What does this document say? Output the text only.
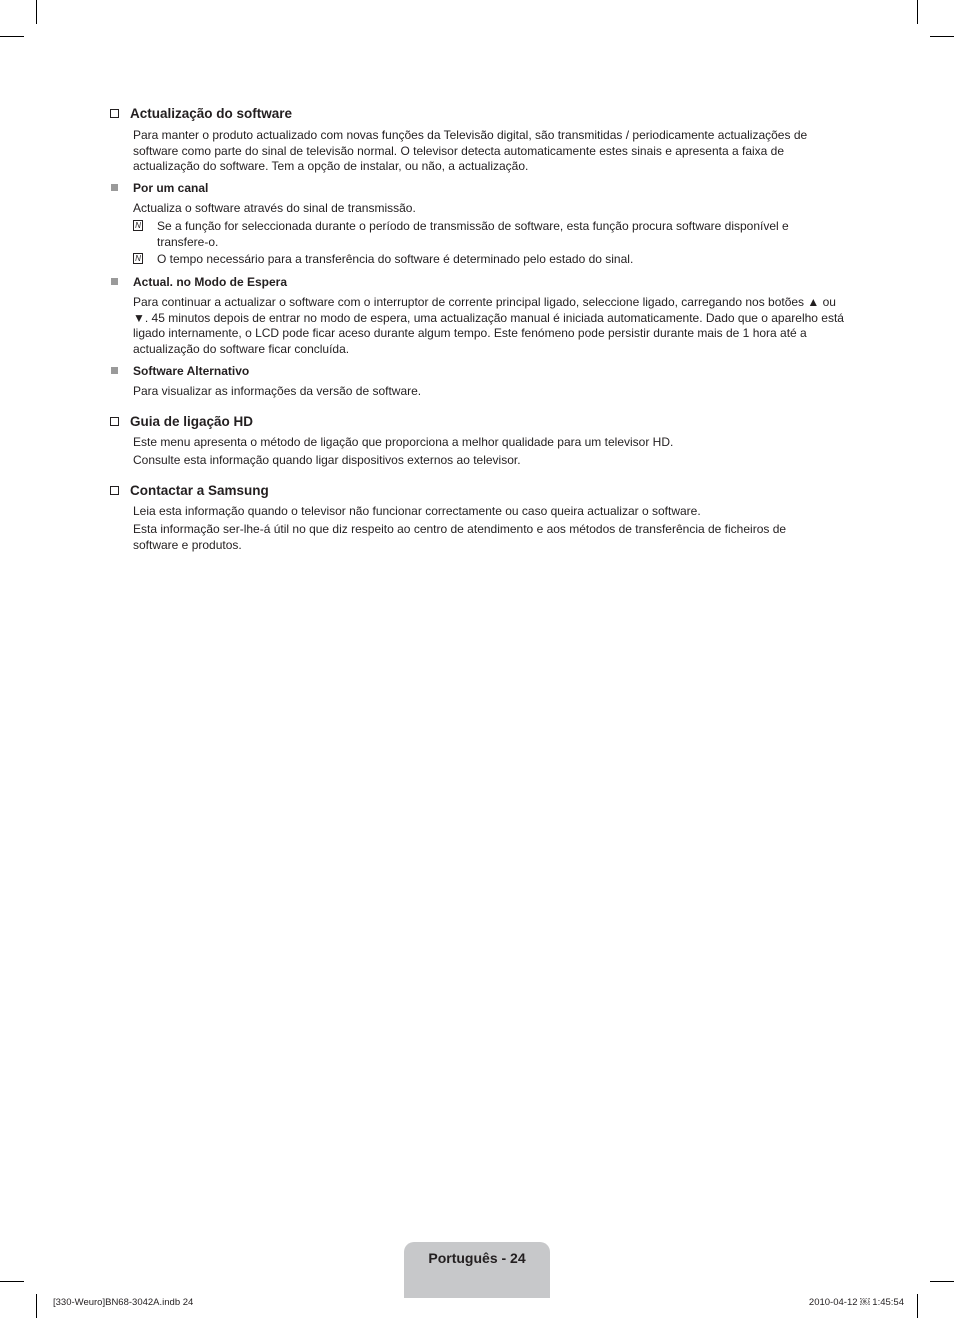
Actualização do software
Para manter o produto actualizado com novas funções da Televisão digital, são transmitidas / periodicamente actualizações de software como parte do sinal de televisão normal. O televisor detecta automaticamente estes sinais e apresenta a faixa de actualização do software. Tem a opção de instalar, ou não, a actualização.
Por um canal
Actualiza o software através do sinal de transmissão.
N Se a função for seleccionada durante o período de transmissão de software, esta função procura software disponível e transfere-o.
N O tempo necessário para a transferência do software é determinado pelo estado do sinal.
Actual. no Modo de Espera
Para continuar a actualizar o software com o interruptor de corrente principal ligado, seleccione ligado, carregando nos botões ▲ ou ▼. 45 minutos depois de entrar no modo de espera, uma actualização manual é iniciada automaticamente. Dado que o aparelho está ligado internamente, o LCD pode ficar aceso durante algum tempo. Este fenómeno pode persistir durante mais de 1 hora até a actualização do software ficar concluída.
Software Alternativo
Para visualizar as informações da versão de software.
Guia de ligação HD
Este menu apresenta o método de ligação que proporciona a melhor qualidade para um televisor HD.
Consulte esta informação quando ligar dispositivos externos ao televisor.
Contactar a Samsung
Leia esta informação quando o televisor não funcionar correctamente ou caso queira actualizar o software.
Esta informação ser-lhe-á útil no que diz respeito ao centro de atendimento e aos métodos de transferência de ficheiros de software e produtos.
Português - 24
[330-Weuro]BN68-3042A.indb 24	2010-04-12 ￼ 1:45:54
